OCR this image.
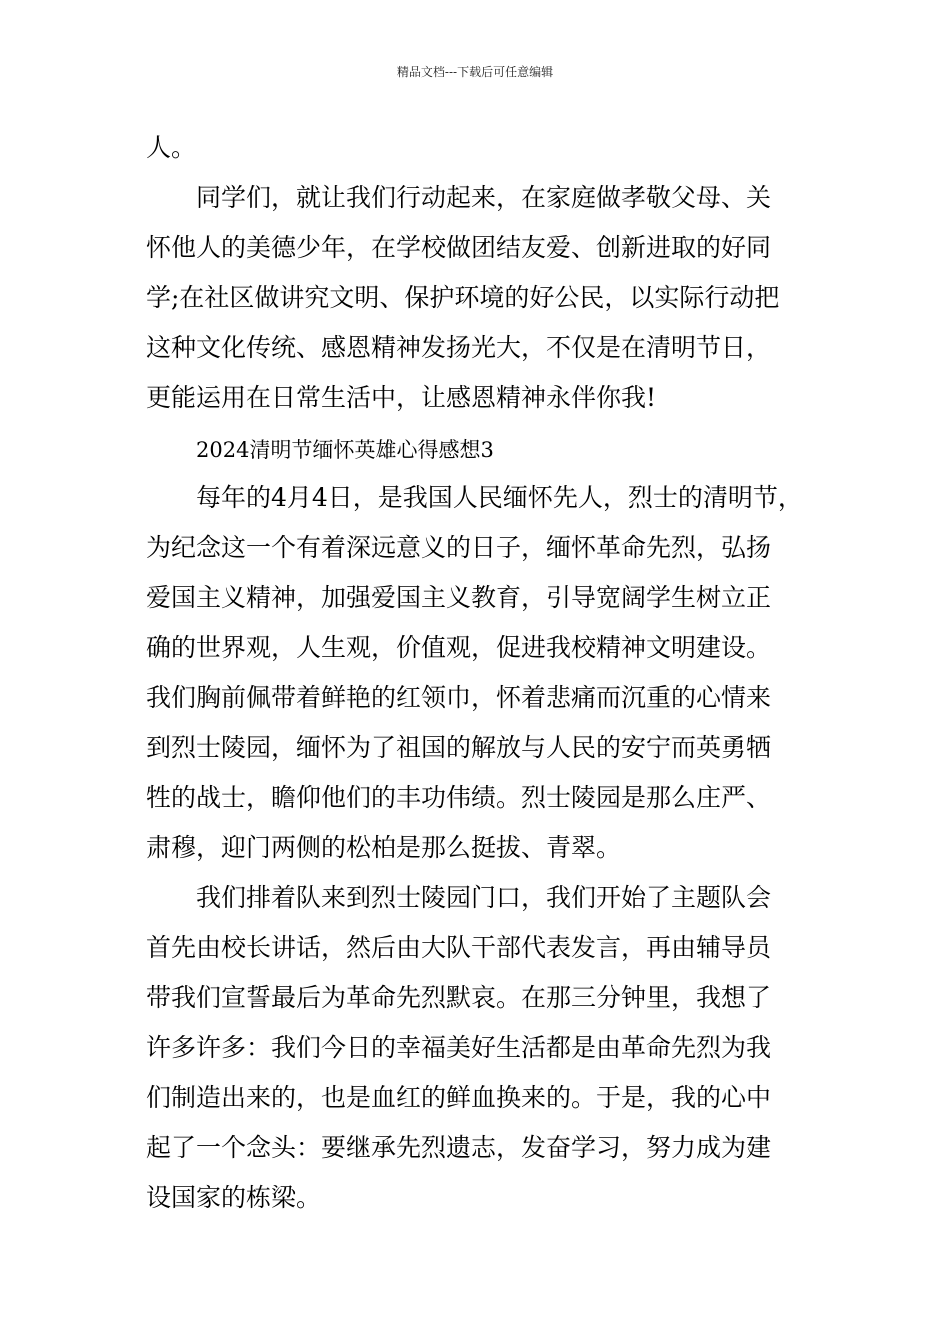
精品文档---下载后可任意编辑
人。
同学们，就让我们行动起来，在家庭做孝敬父母、关
怀他人的美德少年，在学校做团结友爱、创新进取的好同
学;在社区做讲究文明、保护环境的好公民，以实际行动把
这种文化传统、感恩精神发扬光大，不仅是在清明节日，
更能运用在日常生活中，让感恩精神永伴你我!
2024清明节缅怀英雄心得感想3
每年的4月4日，是我国人民缅怀先人，烈士的清明节，
为纪念这一个有着深远意义的日子，缅怀革命先烈，弘扬
爱国主义精神，加强爱国主义教育，引导宽阔学生树立正
确的世界观，人生观，价值观，促进我校精神文明建设。
我们胸前佩带着鲜艳的红领巾，怀着悲痛而沉重的心情来
到烈士陵园，缅怀为了祖国的解放与人民的安宁而英勇牺
牲的战士，瞻仰他们的丰功伟绩。烈士陵园是那么庄严、
肃穆，迎门两侧的松柏是那么挺拔、青翠。
我们排着队来到烈士陵园门口，我们开始了主题队会
首先由校长讲话，然后由大队干部代表发言，再由辅导员
带我们宣誓最后为革命先烈默哀。在那三分钟里，我想了
许多许多：我们今日的幸福美好生活都是由革命先烈为我
们制造出来的，也是血红的鲜血换来的。于是，我的心中
起了一个念头：要继承先烈遗志，发奋学习，努力成为建
设国家的栋梁。
